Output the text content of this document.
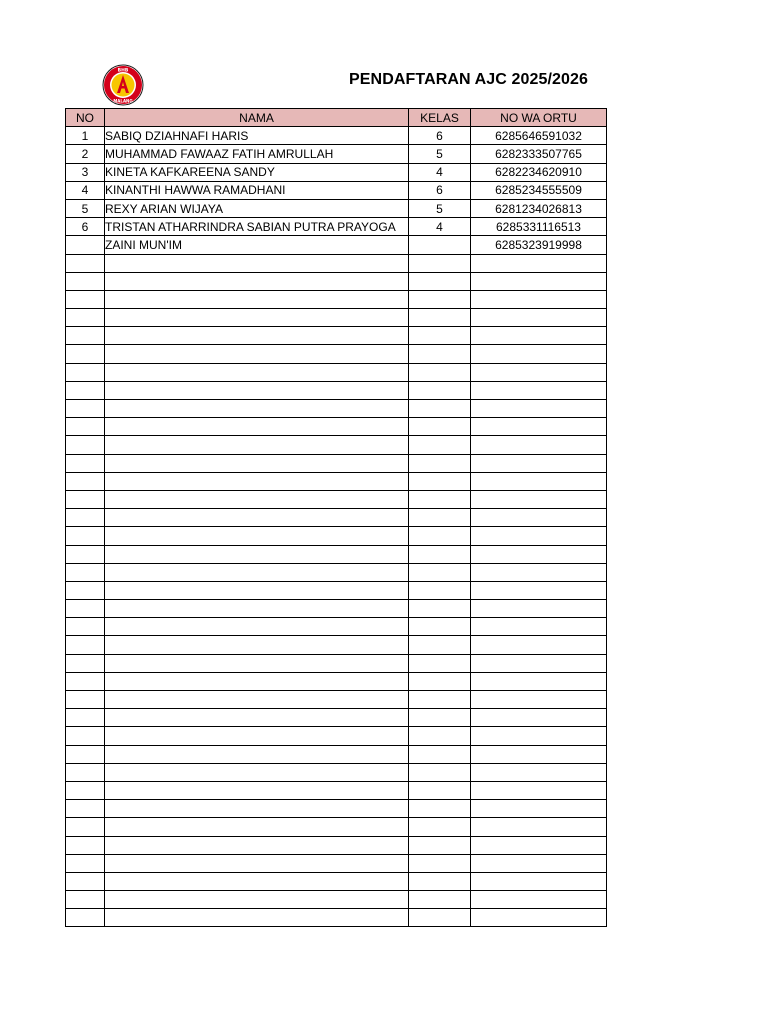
BHB
MALANG
PENDAFTARAN AJC 2025/2026
NO	NAMA	KELAS	NO WA ORTU
1	SABIQ DZIAHNAFI HARIS	6	6285646591032
2	MUHAMMAD FAWAAZ FATIH AMRULLAH	5	6282333507765
3	KINETA KAFKAREENA SANDY	4	6282234620910
4	KINANTHI HAWWA RAMADHANI	6	6285234555509
5	REXY ARIAN WIJAYA	5	6281234026813
6	TRISTAN ATHARRINDRA SABIAN PUTRA PRAYOGA	4	6285331116513
	ZAINI MUN'IM		6285323919998
